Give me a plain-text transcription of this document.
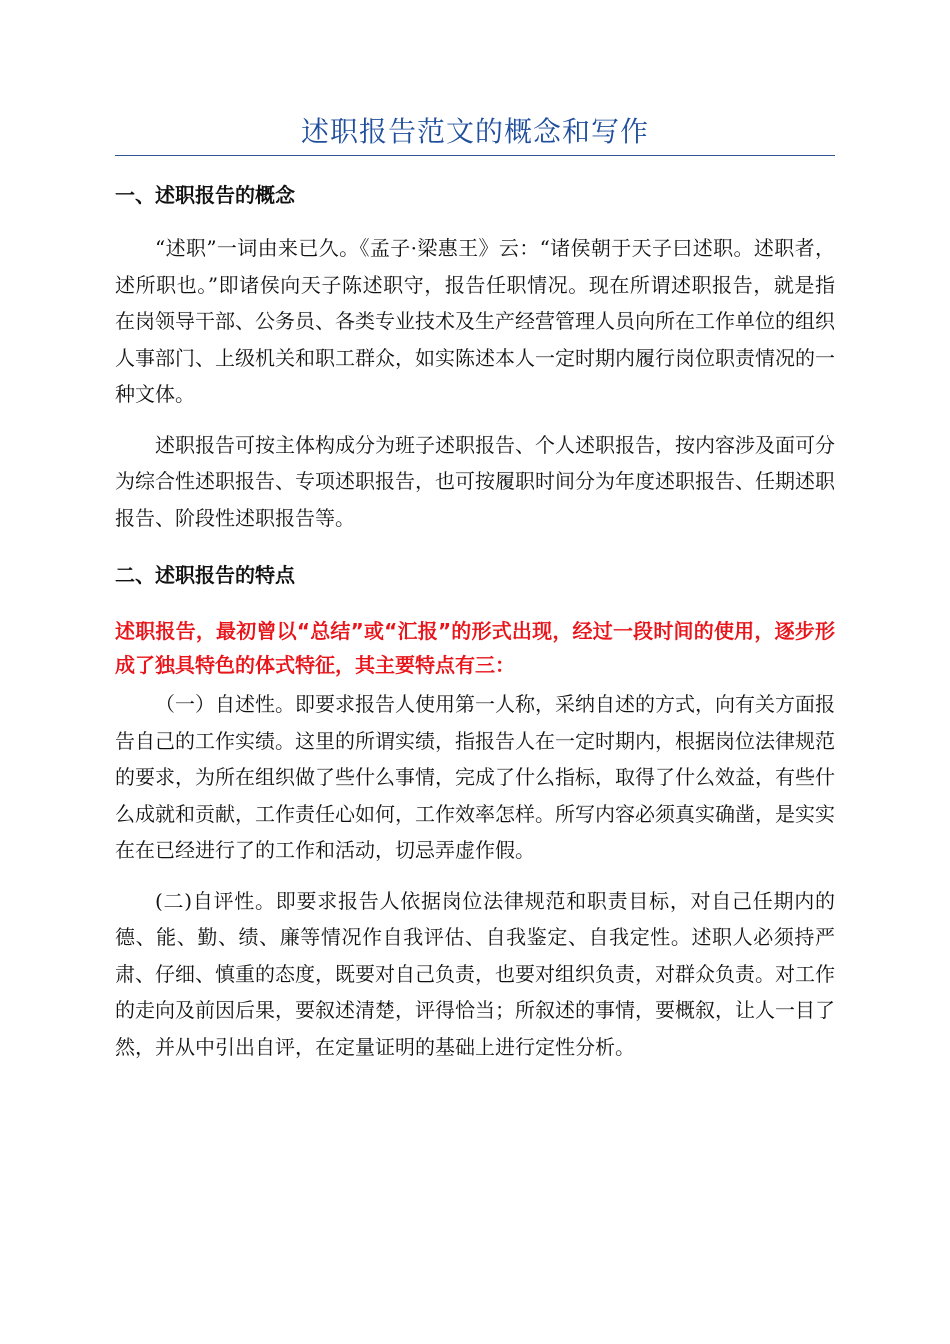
述职报告范文的概念和写作

一、述职报告的概念

“述职”一词由来已久。《孟子·梁惠王》云：“诸侯朝于天子曰述职。述职者，述所职也。”即诸侯向天子陈述职守，报告任职情况。现在所谓述职报告，就是指在岗领导干部、公务员、各类专业技术及生产经营管理人员向所在工作单位的组织人事部门、上级机关和职工群众，如实陈述本人一定时期内履行岗位职责情况的一种文体。

述职报告可按主体构成分为班子述职报告、个人述职报告，按内容涉及面可分为综合性述职报告、专项述职报告，也可按履职时间分为年度述职报告、任期述职报告、阶段性述职报告等。

二、述职报告的特点

述职报告，最初曾以“总结”或“汇报”的形式出现，经过一段时间的使用，逐步形成了独具特色的体式特征，其主要特点有三：

（一）自述性。即要求报告人使用第一人称，采纳自述的方式，向有关方面报告自己的工作实绩。这里的所谓实绩，指报告人在一定时期内，根据岗位法律规范的要求，为所在组织做了些什么事情，完成了什么指标，取得了什么效益，有些什么成就和贡献，工作责任心如何，工作效率怎样。所写内容必须真实确凿，是实实在在已经进行了的工作和活动，切忌弄虚作假。

(二)自评性。即要求报告人依据岗位法律规范和职责目标，对自己任期内的德、能、勤、绩、廉等情况作自我评估、自我鉴定、自我定性。述职人必须持严肃、仔细、慎重的态度，既要对自己负责，也要对组织负责，对群众负责。对工作的走向及前因后果，要叙述清楚，评得恰当；所叙述的事情，要概叙，让人一目了然，并从中引出自评，在定量证明的基础上进行定性分析。
